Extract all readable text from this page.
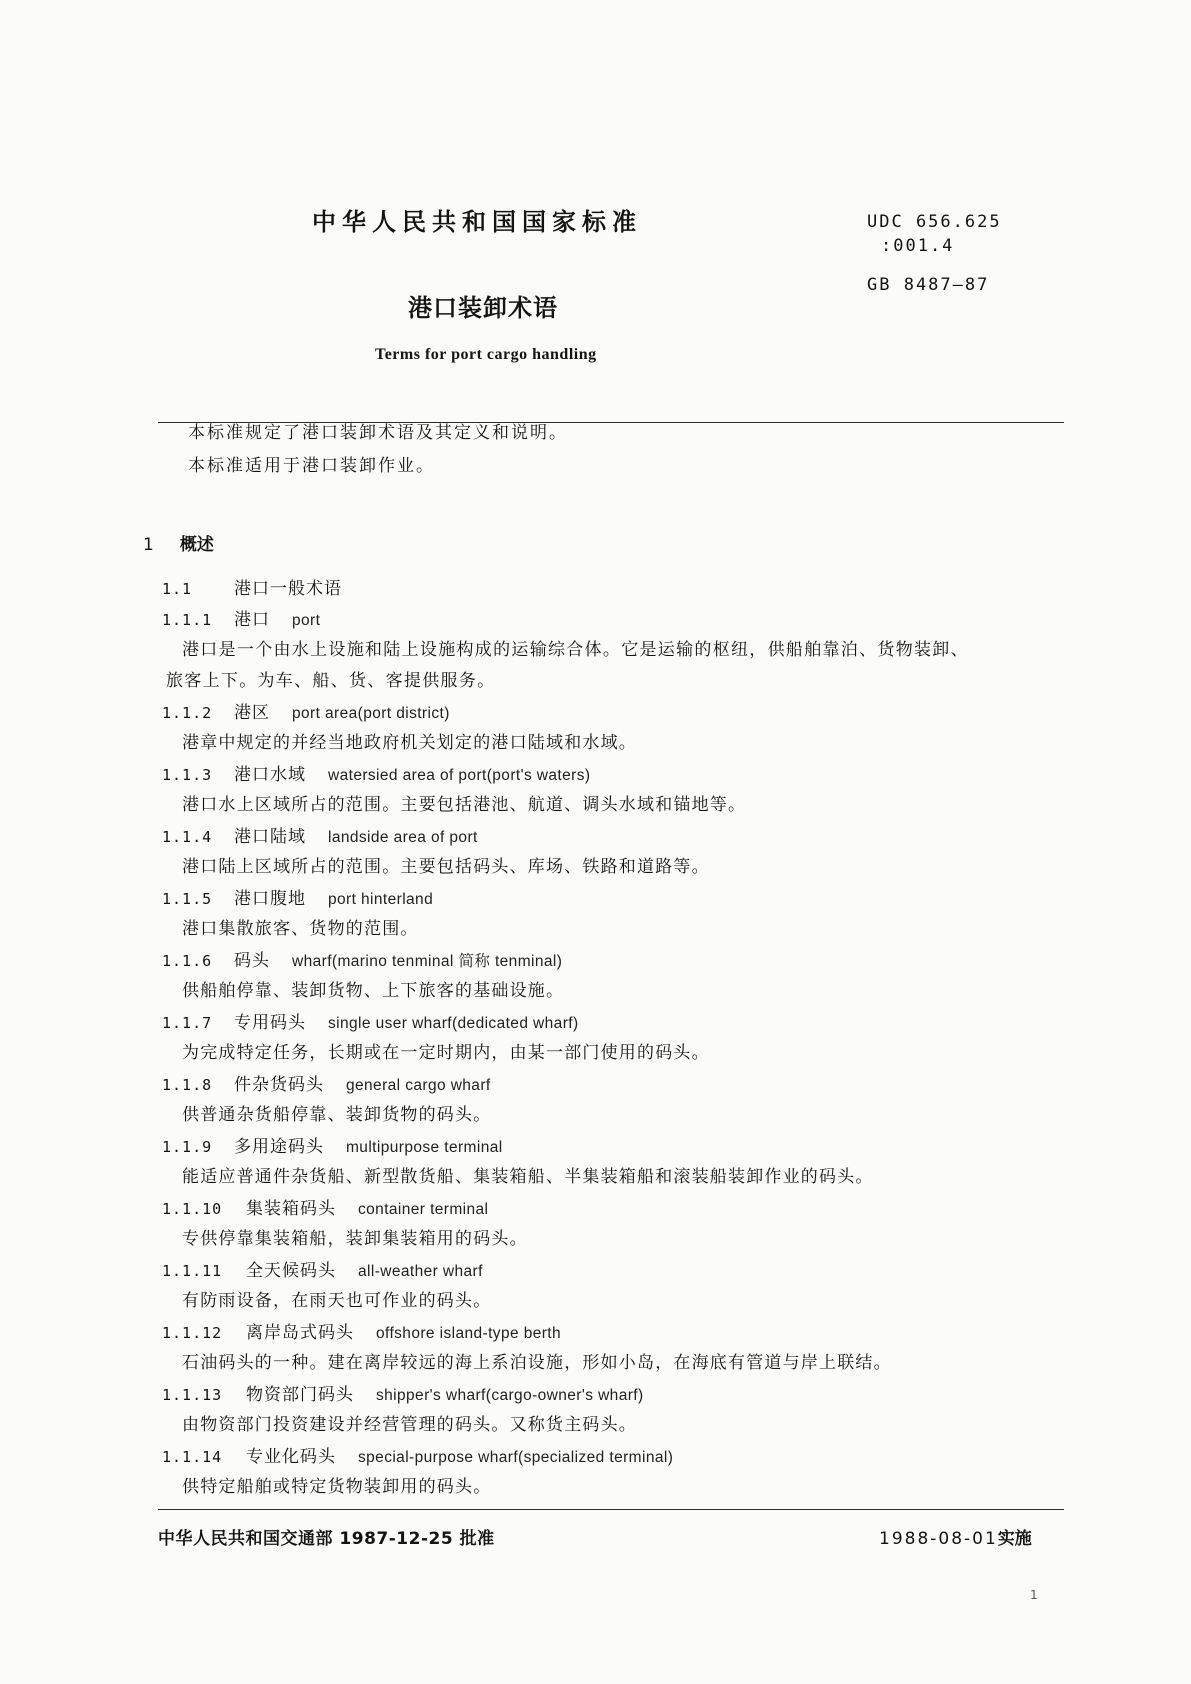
中华人民共和国国家标准	UDC 656.625
:001.4
GB 8487—87
港口装卸术语
Terms for port cargo handling
本标准规定了港口装卸术语及其定义和说明。
本标准适用于港口装卸作业。
1 概述
1.1 港口一般术语
1.1.1 港口 port

港口是一个由水上设施和陆上设施构成的运输综合体。它是运输的枢纽，供船舶靠泊、货物装卸、

旅客上下。为车、船、货、客提供服务。

1.1.2 港区 port area(port district)
港章中规定的并经当地政府机关划定的港口陆域和水域。
1.1.3 港口水域 watersied area of port(port's waters)
港口水上区域所占的范围。主要包括港池、航道、调头水域和锚地等。
1.1.4 港口陆域 landside area of port
港口陆上区域所占的范围。主要包括码头、库场、铁路和道路等。
1.1.5 港口腹地 port hinterland
港口集散旅客、货物的范围。
1.1.6 码头 wharf(marino tenminal 简称 tenminal)
供船舶停靠、装卸货物、上下旅客的基础设施。
1.1.7 专用码头 single user wharf(dedicated wharf)
为完成特定任务，长期或在一定时期内，由某一部门使用的码头。
1.1.8 件杂货码头 general cargo wharf
供普通杂货船停靠、装卸货物的码头。
1.1.9 多用途码头 multipurpose terminal
能适应普通件杂货船、新型散货船、集装箱船、半集装箱船和滚装船装卸作业的码头。
1.1.10 集装箱码头 container terminal
专供停靠集装箱船，装卸集装箱用的码头。
1.1.11 全天候码头 all-weather wharf
有防雨设备，在雨天也可作业的码头。
1.1.12 离岸岛式码头 offshore island-type berth
石油码头的一种。建在离岸较远的海上系泊设施，形如小岛，在海底有管道与岸上联结。
1.1.13 物资部门码头 shipper's wharf(cargo-owner's wharf)
由物资部门投资建设并经营管理的码头。又称货主码头。
1.1.14 专业化码头 special-purpose wharf(specialized terminal)
供特定船舶或特定货物装卸用的码头。
中华人民共和国交通部 1987-12-25 批准	1988-08-01实施
1
